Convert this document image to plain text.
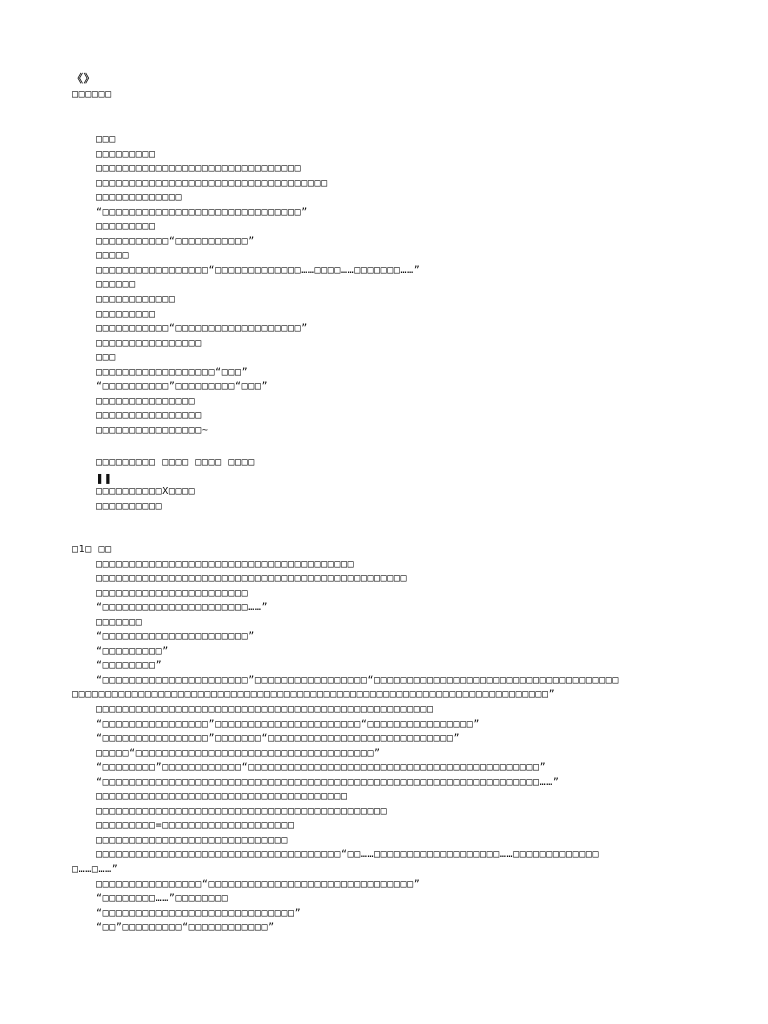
《》
□□□□□□
□□□
□□□□□□□□□
□□□□□□□□□□□□□□□□□□□□□□□□□□□□□□□
□□□□□□□□□□□□□□□□□□□□□□□□□□□□□□□□□□□
□□□□□□□□□□□□□
“□□□□□□□□□□□□□□□□□□□□□□□□□□□□□□”
□□□□□□□□□
□□□□□□□□□□□“□□□□□□□□□□□”
□□□□□
□□□□□□□□□□□□□□□□□“□□□□□□□□□□□□□……□□□□……□□□□□□□……”
□□□□□□
□□□□□□□□□□□□
□□□□□□□□□
□□□□□□□□□□□“□□□□□□□□□□□□□□□□□□□”
□□□□□□□□□□□□□□□□
□□□
□□□□□□□□□□□□□□□□□□“□□□”
“□□□□□□□□□□”□□□□□□□□□“□□□”
□□□□□□□□□□□□□□□
□□□□□□□□□□□□□□□□
□□□□□□□□□□□□□□□□~
□□□□□□□□□ □□□□ □□□□ □□□□
❚❚
□□□□□□□□□□X□□□□
□□□□□□□□□□
□1□ □□
□□□□□□□□□□□□□□□□□□□□□□□□□□□□□□□□□□□□□□□
□□□□□□□□□□□□□□□□□□□□□□□□□□□□□□□□□□□□□□□□□□□□□□□
□□□□□□□□□□□□□□□□□□□□□□□
“□□□□□□□□□□□□□□□□□□□□□□……”
□□□□□□□
“□□□□□□□□□□□□□□□□□□□□□□”
“□□□□□□□□□”
“□□□□□□□□”
“□□□□□□□□□□□□□□□□□□□□□□”□□□□□□□□□□□□□□□□□“□□□□□□□□□□□□□□□□□□□□□□□□□□□□□□□□□□□□□
□□□□□□□□□□□□□□□□□□□□□□□□□□□□□□□□□□□□□□□□□□□□□□□□□□□□□□□□□□□□□□□□□□□□□□□□”
□□□□□□□□□□□□□□□□□□□□□□□□□□□□□□□□□□□□□□□□□□□□□□□□□□□
“□□□□□□□□□□□□□□□□”□□□□□□□□□□□□□□□□□□□□□□“□□□□□□□□□□□□□□□□”
“□□□□□□□□□□□□□□□□”□□□□□□□“□□□□□□□□□□□□□□□□□□□□□□□□□□□□”
□□□□□“□□□□□□□□□□□□□□□□□□□□□□□□□□□□□□□□□□□□”
“□□□□□□□□”□□□□□□□□□□□□“□□□□□□□□□□□□□□□□□□□□□□□□□□□□□□□□□□□□□□□□□□□□”
“□□□□□□□□□□□□□□□□□□□□□□□□□□□□□□□□□□□□□□□□□□□□□□□□□□□□□□□□□□□□□□□□□□……”
□□□□□□□□□□□□□□□□□□□□□□□□□□□□□□□□□□□□□□
□□□□□□□□□□□□□□□□□□□□□□□□□□□□□□□□□□□□□□□□□□□□
□□□□□□□□□=□□□□□□□□□□□□□□□□□□□□
□□□□□□□□□□□□□□□□□□□□□□□□□□□□□
□□□□□□□□□□□□□□□□□□□□□□□□□□□□□□□□□□□□□“□□……□□□□□□□□□□□□□□□□□□□……□□□□□□□□□□□□□
□……□……”
□□□□□□□□□□□□□□□□“□□□□□□□□□□□□□□□□□□□□□□□□□□□□□□□”
“□□□□□□□□……”□□□□□□□□
“□□□□□□□□□□□□□□□□□□□□□□□□□□□□□”
“□□”□□□□□□□□□“□□□□□□□□□□□□”
